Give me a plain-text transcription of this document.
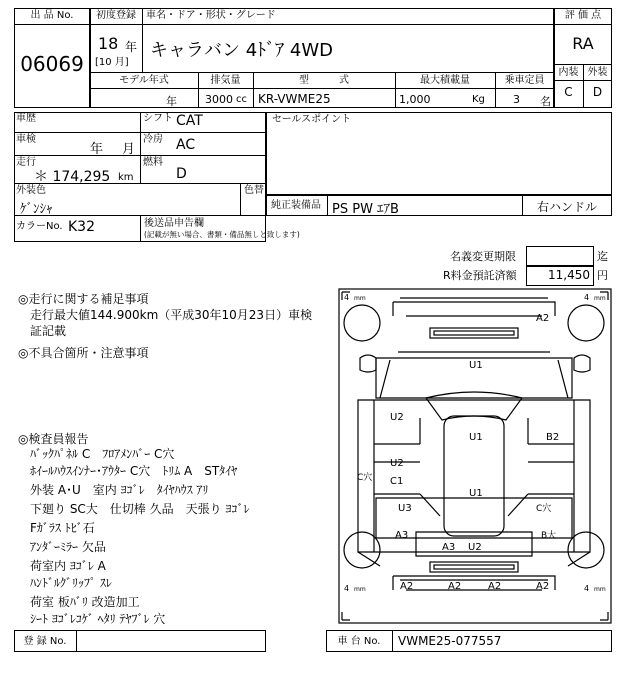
出 品 No.
06069
初度登録	車名・ドア・形状・グレード
18 年
[10 月]
キャラバン 4ﾄﾞｱ 4WD
モデル年式	排気量	型　　　式	最大積載量	乗車定員
年	3000 cc KR-VWME25	1,000	Kg	3 名
評 価 点
RA
内装 外装
C	D
車歴
車検
年 月
走行
＊ 174,295 km
シフト CAT
冷房 AC
燃料
D
外装色
ｹﾞﾝｼｬ
色替
カラーNo. K32	後送品申告欄
(記載が無い場合、書類・備品無しと致します)
セールスポイント
純正装備品 PS PW ｴｱB	右ハンドル
名義変更期限	迄
R料金預託済額	11,450 円
◎走行に関する補足事項
走行最大値144.900km（平成30年10月23日）車検
証記載
◎不具合箇所・注意事項
◎検査員報告
ﾊﾞｯｸﾊﾟﾈﾙ C　ﾌﾛｱﾒﾝﾊﾞｰ C穴
ﾎｲｰﾙﾊｳｽｲﾝﾅｰ･ｱｳﾀｰ C穴　ﾄﾘﾑ A　STﾀｲﾔ
外装 A･U　室内 ﾖｺﾞﾚ　ﾀｲﾔﾊｳｽ ｱﾘ
下廻り SC大　仕切棒 久品　天張り ﾖｺﾞﾚ
Fｶﾞﾗｽ ﾄﾋﾞ石
ｱﾝﾀﾞｰﾐﾗｰ 欠品
荷室内 ﾖｺﾞﾚ A
ﾊﾝﾄﾞﾙｸﾞﾘｯﾌﾟ ｽﾚ
荷室 板ﾊﾞﾘ 改造加工
ｼｰﾄ ﾖｺﾞﾚｺｹﾞ ﾍﾀﾘ ﾃﾔﾌﾞﾚ 穴
4 mm	4 mm
4 mm	4 mm
A2
U1
U2
U1	B2
U2
C1
C穴
U1
U3	C穴
A3	B大
A3 U2
A2	A2	A2	A2
登 録 No.	車 台 No.	VWME25-077557
